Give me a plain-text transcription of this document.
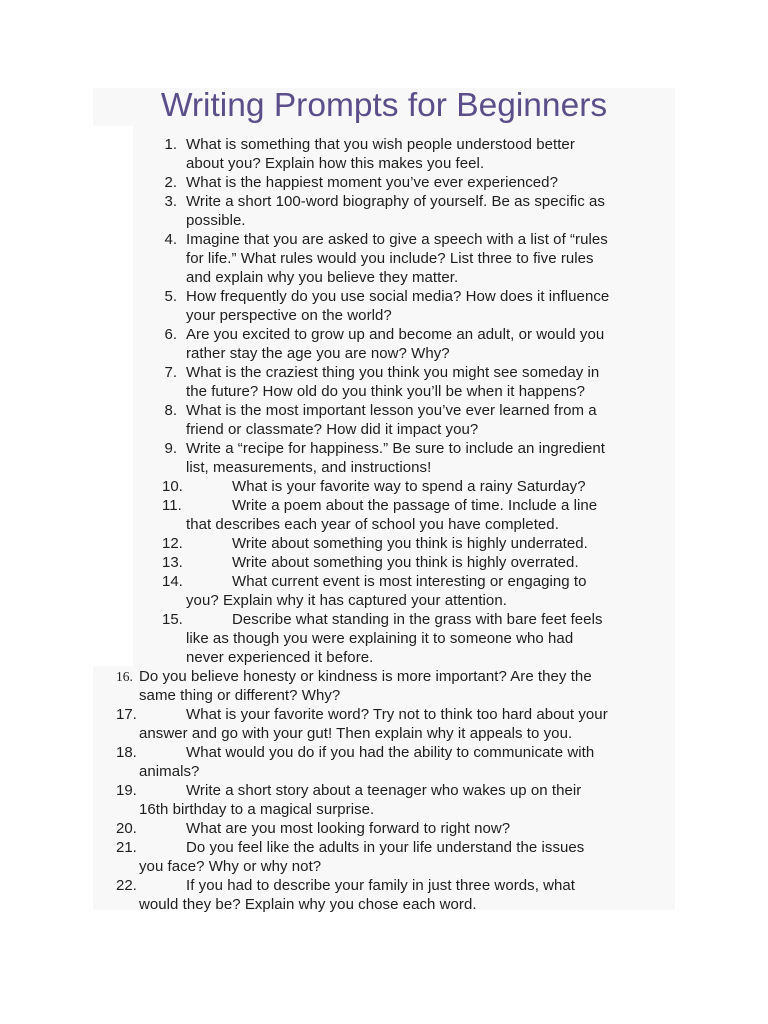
Writing Prompts for Beginners
1. What is something that you wish people understood better
about you? Explain how this makes you feel.
2. What is the happiest moment you’ve ever experienced?
3. Write a short 100-word biography of yourself. Be as specific as
possible.
4. Imagine that you are asked to give a speech with a list of “rules
for life.” What rules would you include? List three to five rules
and explain why you believe they matter.
5. How frequently do you use social media? How does it influence
your perspective on the world?
6. Are you excited to grow up and become an adult, or would you
rather stay the age you are now? Why?
7. What is the craziest thing you think you might see someday in
the future? How old do you think you’ll be when it happens?
8. What is the most important lesson you’ve ever learned from a
friend or classmate? How did it impact you?
9. Write a “recipe for happiness.” Be sure to include an ingredient
list, measurements, and instructions!
10.	What is your favorite way to spend a rainy Saturday?
11.	Write a poem about the passage of time. Include a line
that describes each year of school you have completed.
12.	Write about something you think is highly underrated.
13.	Write about something you think is highly overrated.
14.	What current event is most interesting or engaging to
you? Explain why it has captured your attention.
15.	Describe what standing in the grass with bare feet feels
like as though you were explaining it to someone who had
never experienced it before.
16. Do you believe honesty or kindness is more important? Are they the
same thing or different? Why?
17.	What is your favorite word? Try not to think too hard about your
answer and go with your gut! Then explain why it appeals to you.
18.	What would you do if you had the ability to communicate with
animals?
19.	Write a short story about a teenager who wakes up on their
16th birthday to a magical surprise.
20.	What are you most looking forward to right now?
21.	Do you feel like the adults in your life understand the issues
you face? Why or why not?
22.	If you had to describe your family in just three words, what
would they be? Explain why you chose each word.
